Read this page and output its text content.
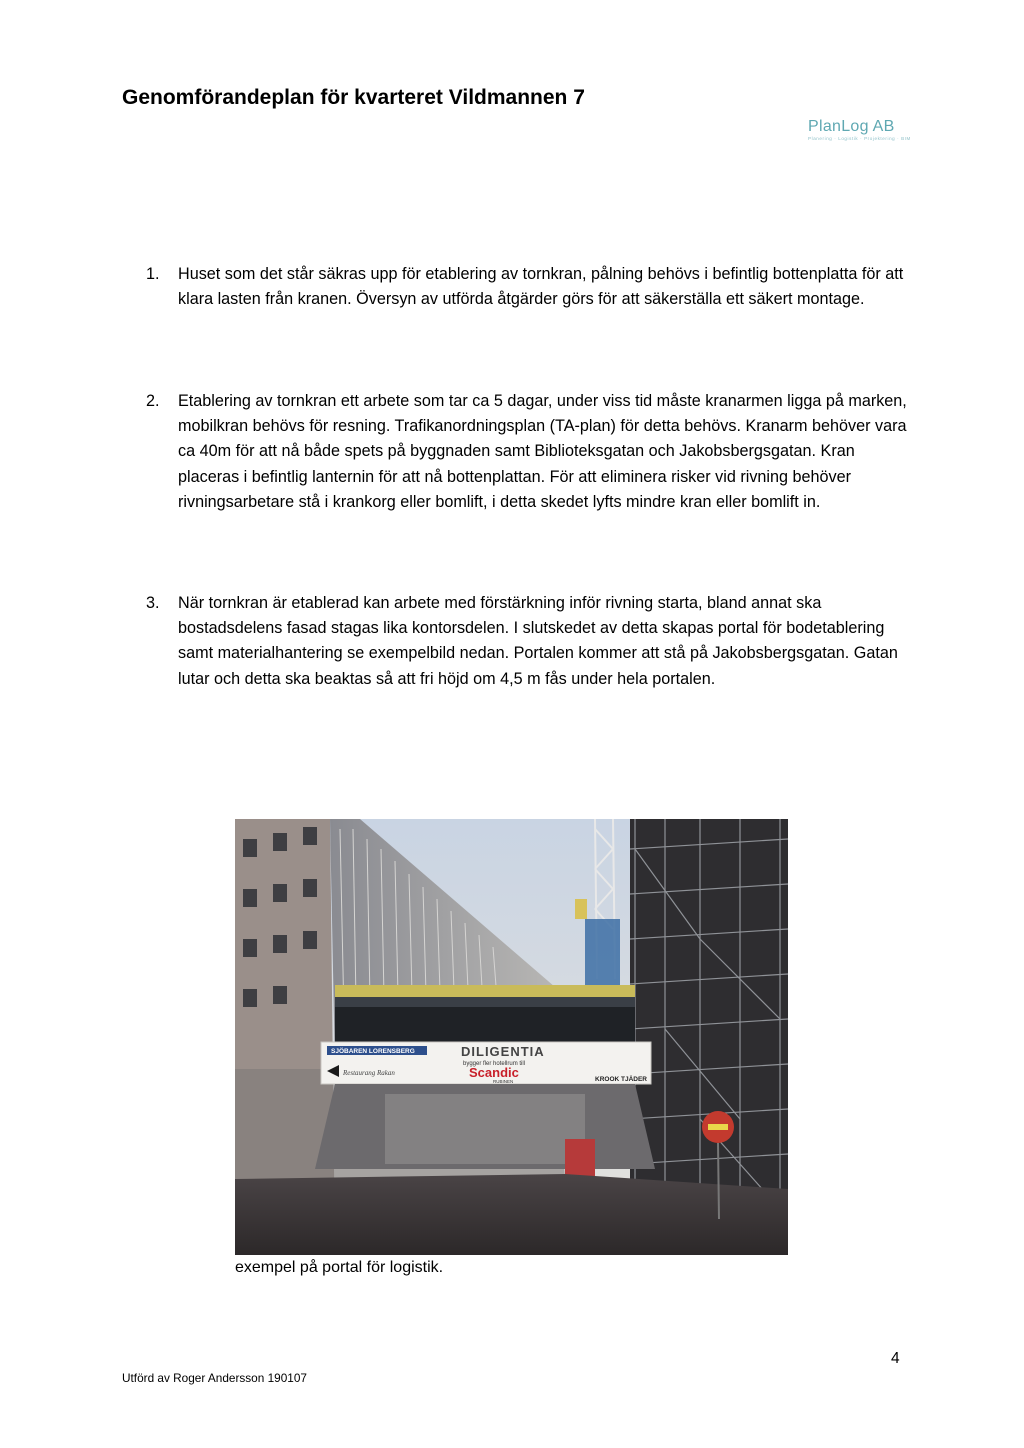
Genomförandeplan för kvarteret Vildmannen 7
PlanLog AB
Planering · Logistik · Projektering · BIM
1. Huset som det står säkras upp för etablering av tornkran, pålning behövs i befintlig bottenplatta för att klara lasten från kranen. Översyn av utförda åtgärder görs för att säkerställa ett säkert montage.
2. Etablering av tornkran ett arbete som tar ca 5 dagar, under viss tid måste kranarmen ligga på marken, mobilkran behövs för resning. Trafikanordningsplan (TA-plan) för detta behövs. Kranarm behöver vara ca 40m för att nå både spets på byggnaden samt Biblioteksgatan och Jakobsbergsgatan. Kran placeras i befintlig lanternin för att nå bottenplattan. För att eliminera risker vid rivning behöver rivningsarbetare stå i krankorg eller bomlift, i detta skedet lyfts mindre kran eller bomlift in.
3. När tornkran är etablerad kan arbete med förstärkning inför rivning starta, bland annat ska bostadsdelens fasad stagas lika kontorsdelen. I slutskedet av detta skapas portal för bodetablering samt materialhantering se exempelbild nedan. Portalen kommer att stå på Jakobsbergsgatan. Gatan lutar och detta ska beaktas så att fri höjd om 4,5 m fås under hela portalen.
SJÖBAREN LORENSBERG
Restaurang Rakan
DILIGENTIA
bygger fler hotellrum till
Scandic
RUBINEN	KROOK TJÄDER
exempel på portal för logistik.
4
Utförd av Roger Andersson 190107
